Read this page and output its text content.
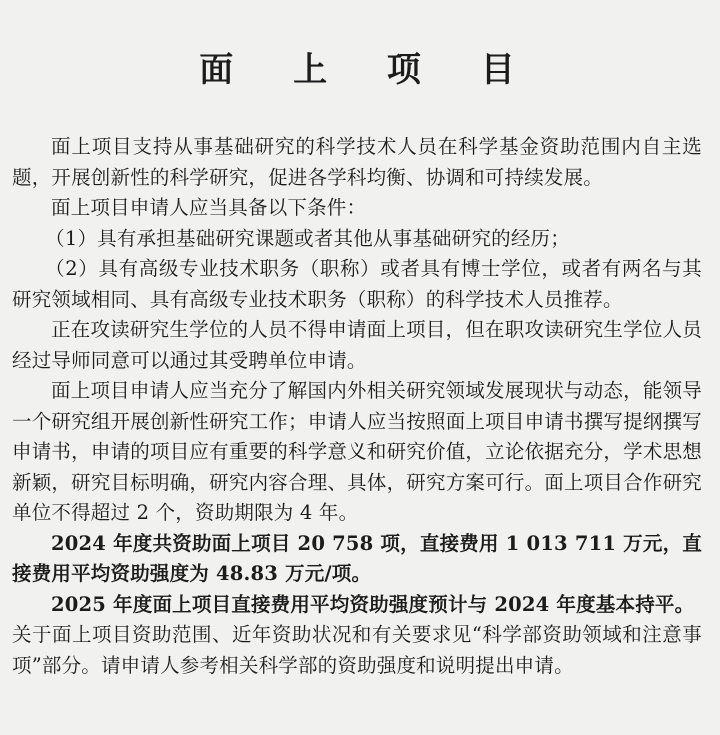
面 上 项 目

面上项目支持从事基础研究的科学技术人员在科学基金资助范围内自主选题，开展创新性的科学研究，促进各学科均衡、协调和可持续发展。

面上项目申请人应当具备以下条件：

（1）具有承担基础研究课题或者其他从事基础研究的经历；

（2）具有高级专业技术职务（职称）或者具有博士学位，或者有两名与其研究领域相同、具有高级专业技术职务（职称）的科学技术人员推荐。

正在攻读研究生学位的人员不得申请面上项目，但在职攻读研究生学位人员经过导师同意可以通过其受聘单位申请。

面上项目申请人应当充分了解国内外相关研究领域发展现状与动态，能领导一个研究组开展创新性研究工作；申请人应当按照面上项目申请书撰写提纲撰写申请书，申请的项目应有重要的科学意义和研究价值，立论依据充分，学术思想新颖，研究目标明确，研究内容合理、具体，研究方案可行。面上项目合作研究单位不得超过 2 个，资助期限为 4 年。

2024 年度共资助面上项目 20 758 项，直接费用 1 013 711 万元，直接费用平均资助强度为 48.83 万元/项。

2025 年度面上项目直接费用平均资助强度预计与 2024 年度基本持平。

关于面上项目资助范围、近年资助状况和有关要求见“科学部资助领域和注意事项”部分。请申请人参考相关科学部的资助强度和说明提出申请。
